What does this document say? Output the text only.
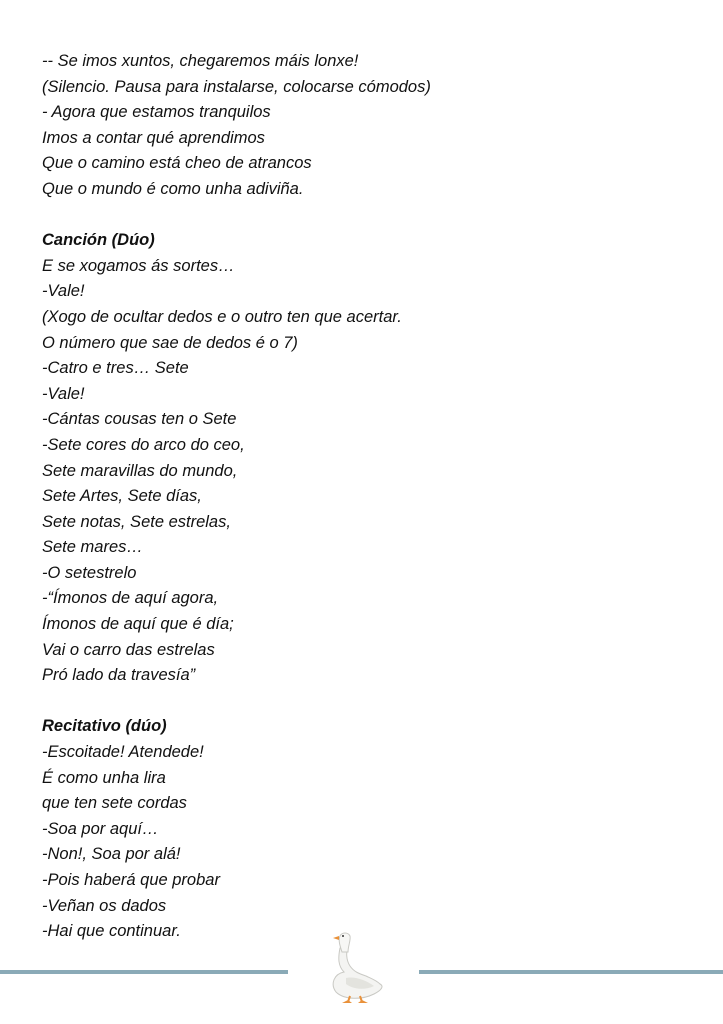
-- Se imos xuntos, chegaremos máis lonxe!
(Silencio. Pausa para instalarse, colocarse cómodos)
- Agora que estamos tranquilos
Imos a contar qué aprendimos
Que o camino está cheo de atrancos
Que o mundo é como unha adiviña.
Canción (Dúo)
E se xogamos ás sortes…
-Vale!
(Xogo de ocultar dedos e o outro ten que acertar.
O número que sae de dedos é o 7)
-Catro e tres… Sete
-Vale!
-Cántas cousas ten o Sete
-Sete cores do arco do ceo,
Sete maravillas do mundo,
Sete Artes, Sete días,
Sete notas, Sete estrelas,
Sete mares…
-O setestrelo
-“Ímonos de aquí agora,
Ímonos de aquí que é día;
Vai o carro das estrelas
Pró lado da travesía”
Recitativo (dúo)
-Escoitade! Atendede!
É como unha lira
que ten sete cordas
-Soa por aquí…
-Non!, Soa por alá!
-Pois haberá que probar
-Veñan os dados
-Hai que continuar.
